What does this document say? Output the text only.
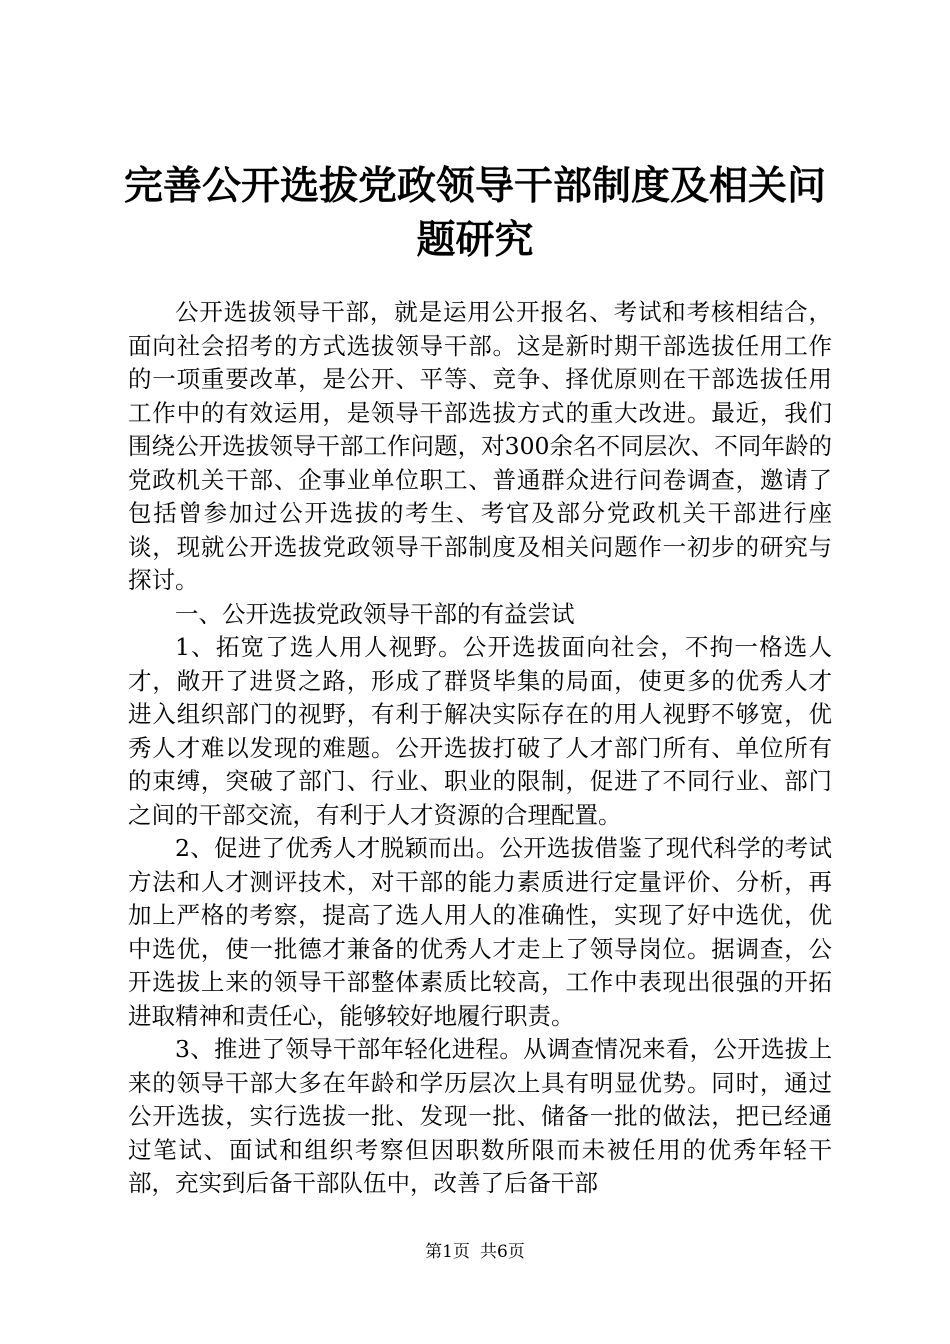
完善公开选拔党政领导干部制度及相关问题研究

公开选拔领导干部，就是运用公开报名、考试和考核相结合，面向社会招考的方式选拔领导干部。这是新时期干部选拔任用工作的一项重要改革，是公开、平等、竞争、择优原则在干部选拔任用工作中的有效运用，是领导干部选拔方式的重大改进。最近，我们围绕公开选拔领导干部工作问题，对300余名不同层次、不同年龄的党政机关干部、企事业单位职工、普通群众进行问卷调查，邀请了包括曾参加过公开选拔的考生、考官及部分党政机关干部进行座谈，现就公开选拔党政领导干部制度及相关问题作一初步的研究与探讨。

一、公开选拔党政领导干部的有益尝试

1、拓宽了选人用人视野。公开选拔面向社会，不拘一格选人才，敞开了进贤之路，形成了群贤毕集的局面，使更多的优秀人才进入组织部门的视野，有利于解决实际存在的用人视野不够宽，优秀人才难以发现的难题。公开选拔打破了人才部门所有、单位所有的束缚，突破了部门、行业、职业的限制，促进了不同行业、部门之间的干部交流，有利于人才资源的合理配置。

2、促进了优秀人才脱颖而出。公开选拔借鉴了现代科学的考试方法和人才测评技术，对干部的能力素质进行定量评价、分析，再加上严格的考察，提高了选人用人的准确性，实现了好中选优，优中选优，使一批德才兼备的优秀人才走上了领导岗位。据调查，公开选拔上来的领导干部整体素质比较高，工作中表现出很强的开拓进取精神和责任心，能够较好地履行职责。

3、推进了领导干部年轻化进程。从调查情况来看，公开选拔上来的领导干部大多在年龄和学历层次上具有明显优势。同时，通过公开选拔，实行选拔一批、发现一批、储备一批的做法，把已经通过笔试、面试和组织考察但因职数所限而未被任用的优秀年轻干部，充实到后备干部队伍中，改善了后备干部

第1页 共6页
